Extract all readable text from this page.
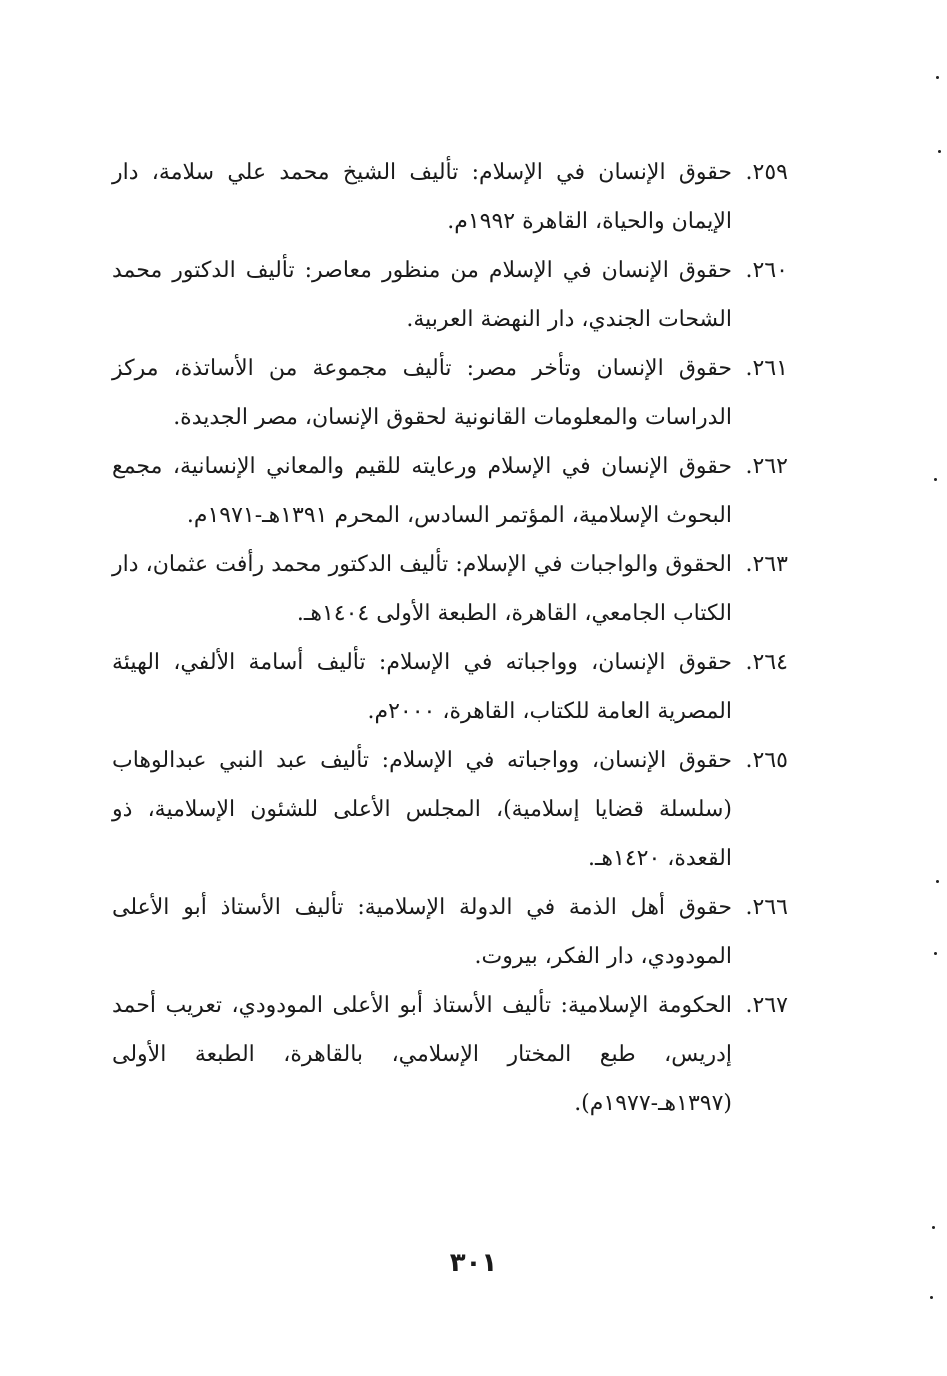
٢٥٩.
حقوق الإنسان في الإسلام: تأليف الشيخ محمد علي سلامة، دار الإيمان والحياة، القاهرة ١٩٩٢م.
٢٦٠.
حقوق الإنسان في الإسلام من منظور معاصر: تأليف الدكتور محمد الشحات الجندي، دار النهضة العربية.
٢٦١.
حقوق الإنسان وتأخر مصر: تأليف مجموعة من الأساتذة، مركز الدراسات والمعلومات القانونية لحقوق الإنسان، مصر الجديدة.
٢٦٢.
حقوق الإنسان في الإسلام ورعايته للقيم والمعاني الإنسانية، مجمع البحوث الإسلامية، المؤتمر السادس، المحرم ١٣٩١هـ-١٩٧١م.
٢٦٣.
الحقوق والواجبات في الإسلام: تأليف الدكتور محمد رأفت عثمان، دار الكتاب الجامعي، القاهرة، الطبعة الأولى ١٤٠٤هـ.
٢٦٤.
حقوق الإنسان، وواجباته في الإسلام: تأليف أسامة الألفي، الهيئة المصرية العامة للكتاب، القاهرة، ٢٠٠٠م.
٢٦٥.
حقوق الإنسان، وواجباته في الإسلام: تأليف عبد النبي عبدالوهاب (سلسلة قضايا إسلامية)، المجلس الأعلى للشئون الإسلامية، ذو القعدة، ١٤٢٠هـ.
٢٦٦.
حقوق أهل الذمة في الدولة الإسلامية: تأليف الأستاذ أبو الأعلى المودودي، دار الفكر، بيروت.
٢٦٧.
الحكومة الإسلامية: تأليف الأستاذ أبو الأعلى المودودي، تعريب أحمد إدريس، طبع المختار الإسلامي، بالقاهرة، الطبعة الأولى (١٣٩٧هـ-١٩٧٧م).
٣٠١
